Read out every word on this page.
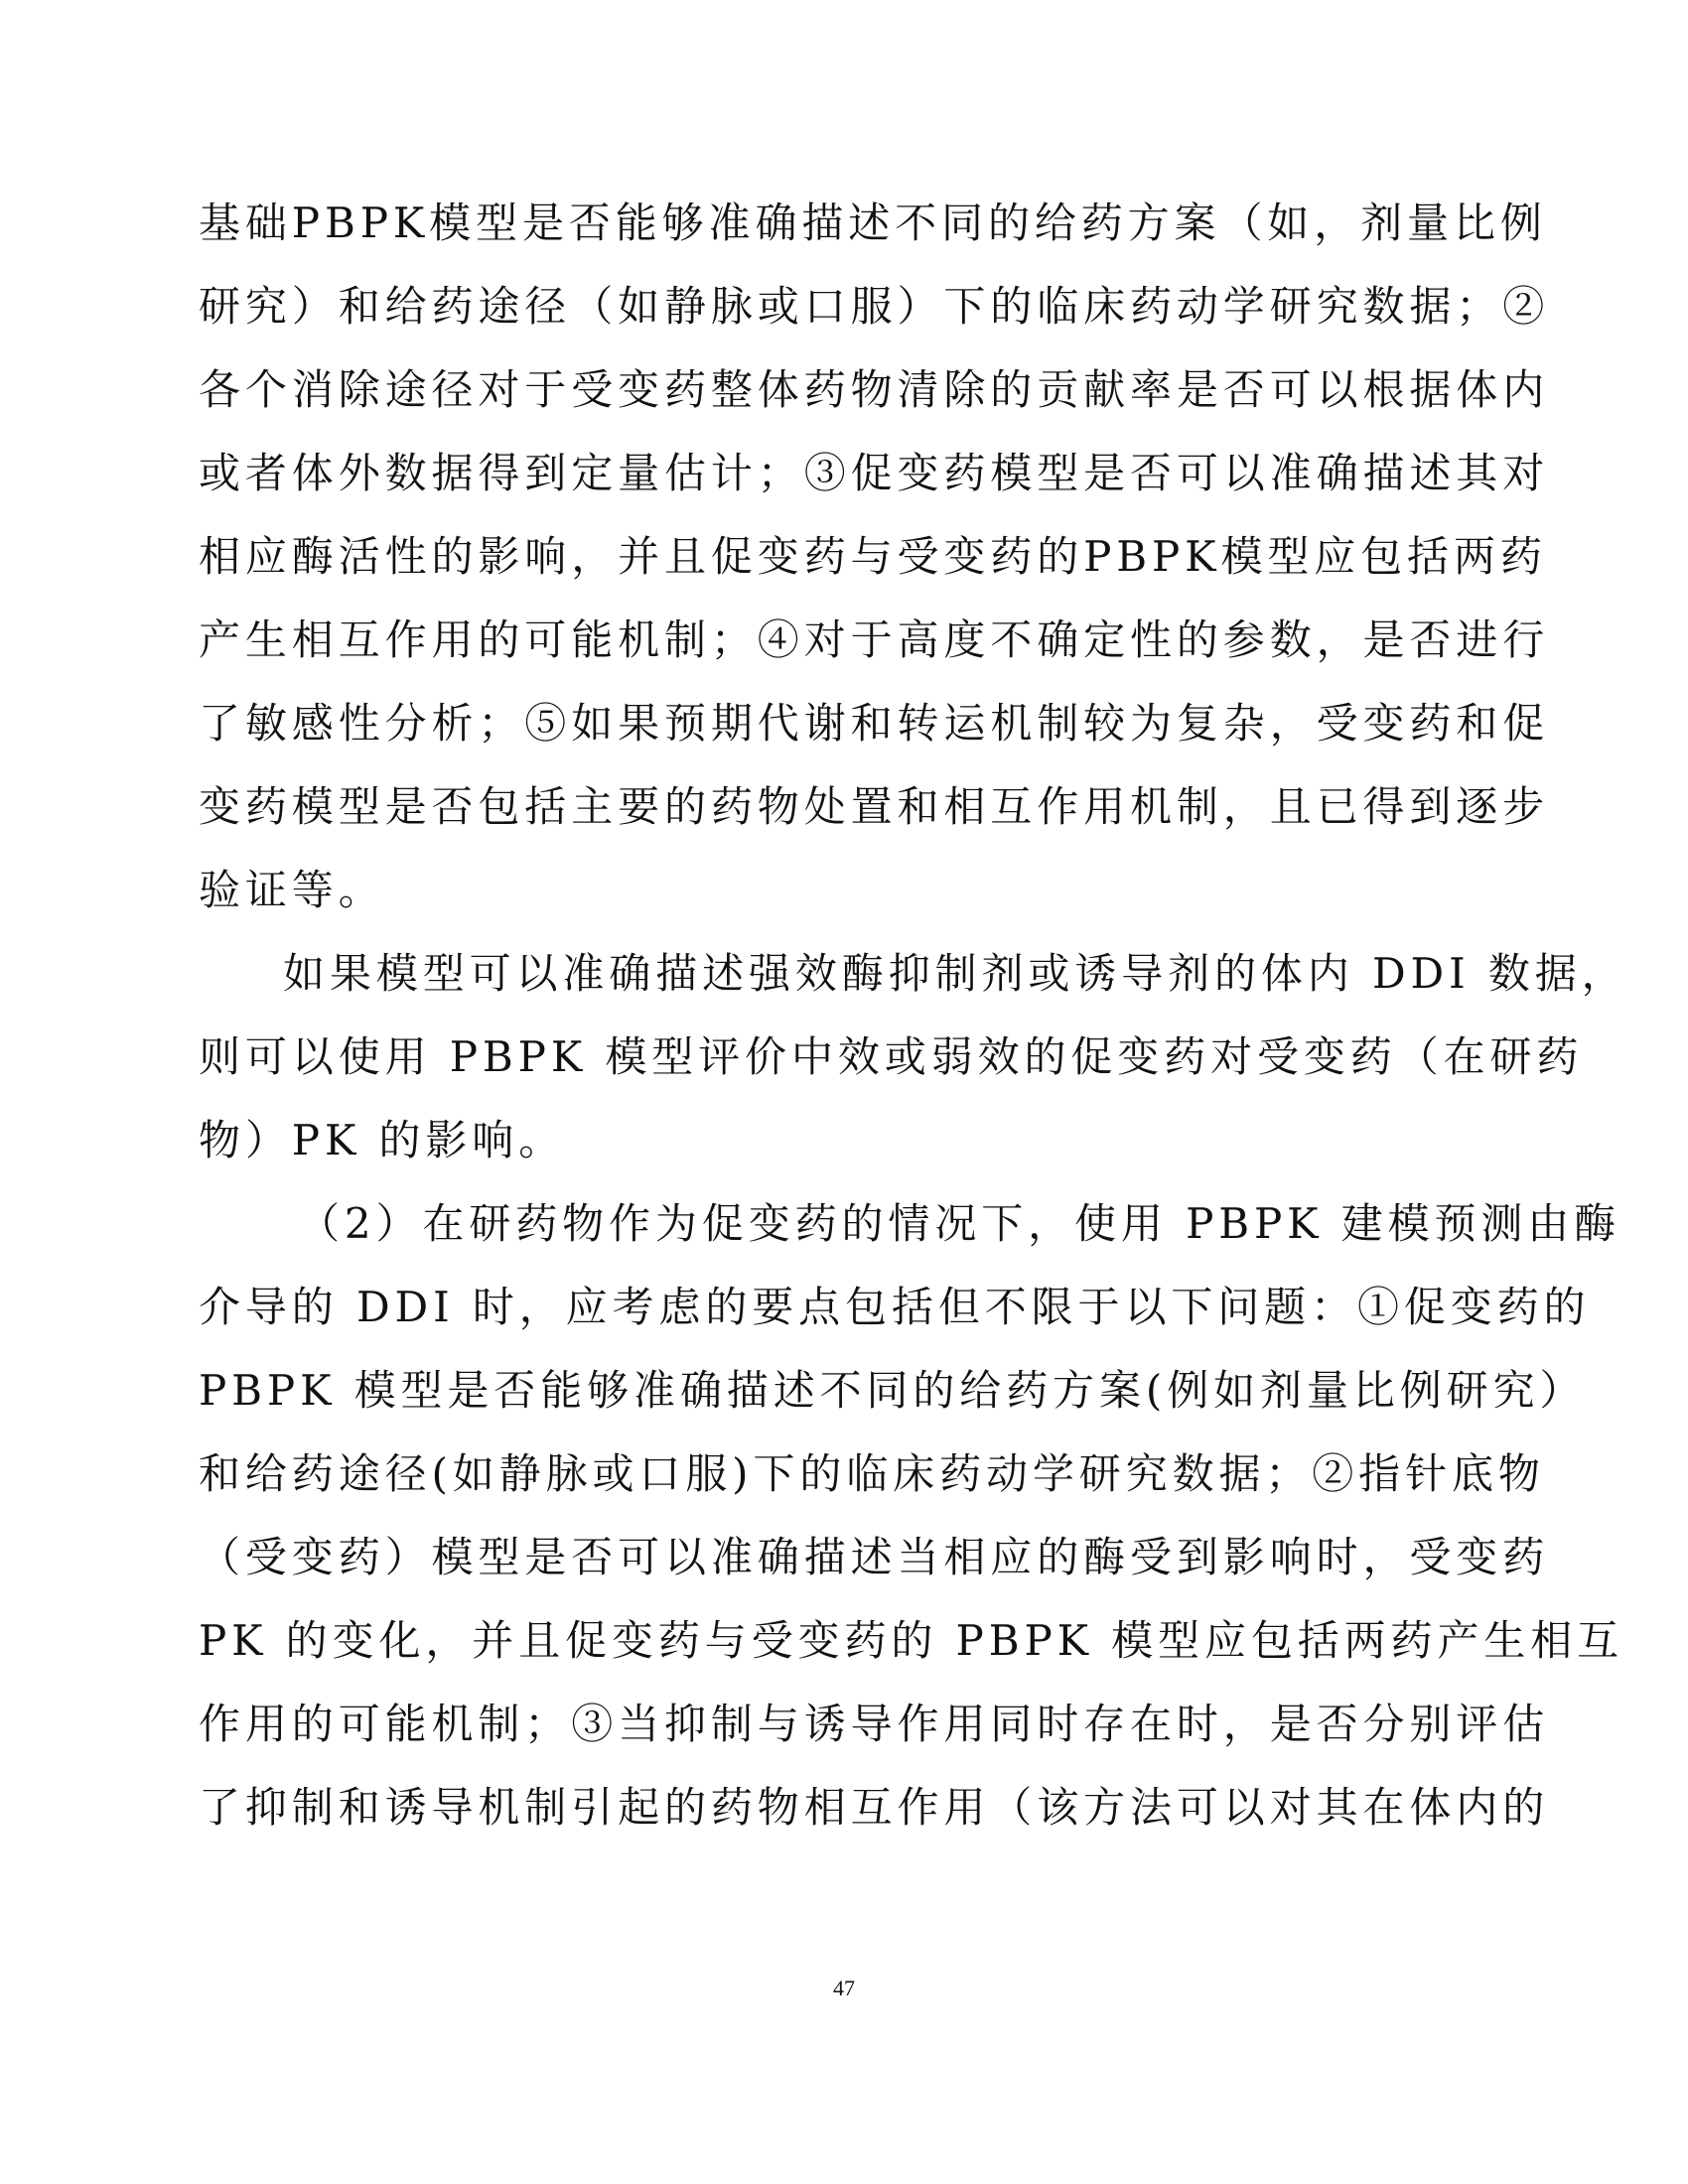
基础PBPK模型是否能够准确描述不同的给药方案（如，剂量比例
研究）和给药途径（如静脉或口服）下的临床药动学研究数据；②
各个消除途径对于受变药整体药物清除的贡献率是否可以根据体内
或者体外数据得到定量估计；③促变药模型是否可以准确描述其对
相应酶活性的影响，并且促变药与受变药的PBPK模型应包括两药
产生相互作用的可能机制；④对于高度不确定性的参数，是否进行
了敏感性分析；⑤如果预期代谢和转运机制较为复杂，受变药和促
变药模型是否包括主要的药物处置和相互作用机制，且已得到逐步
验证等。
如果模型可以准确描述强效酶抑制剂或诱导剂的体内 DDI 数据，
则可以使用 PBPK 模型评价中效或弱效的促变药对受变药（在研药
物）PK 的影响。
（2）在研药物作为促变药的情况下，使用 PBPK 建模预测由酶
介导的 DDI 时，应考虑的要点包括但不限于以下问题：①促变药的
PBPK 模型是否能够准确描述不同的给药方案(例如剂量比例研究）
和给药途径(如静脉或口服)下的临床药动学研究数据；②指针底物
（受变药）模型是否可以准确描述当相应的酶受到影响时，受变药
PK 的变化，并且促变药与受变药的 PBPK 模型应包括两药产生相互
作用的可能机制；③当抑制与诱导作用同时存在时，是否分别评估
了抑制和诱导机制引起的药物相互作用（该方法可以对其在体内的
47
